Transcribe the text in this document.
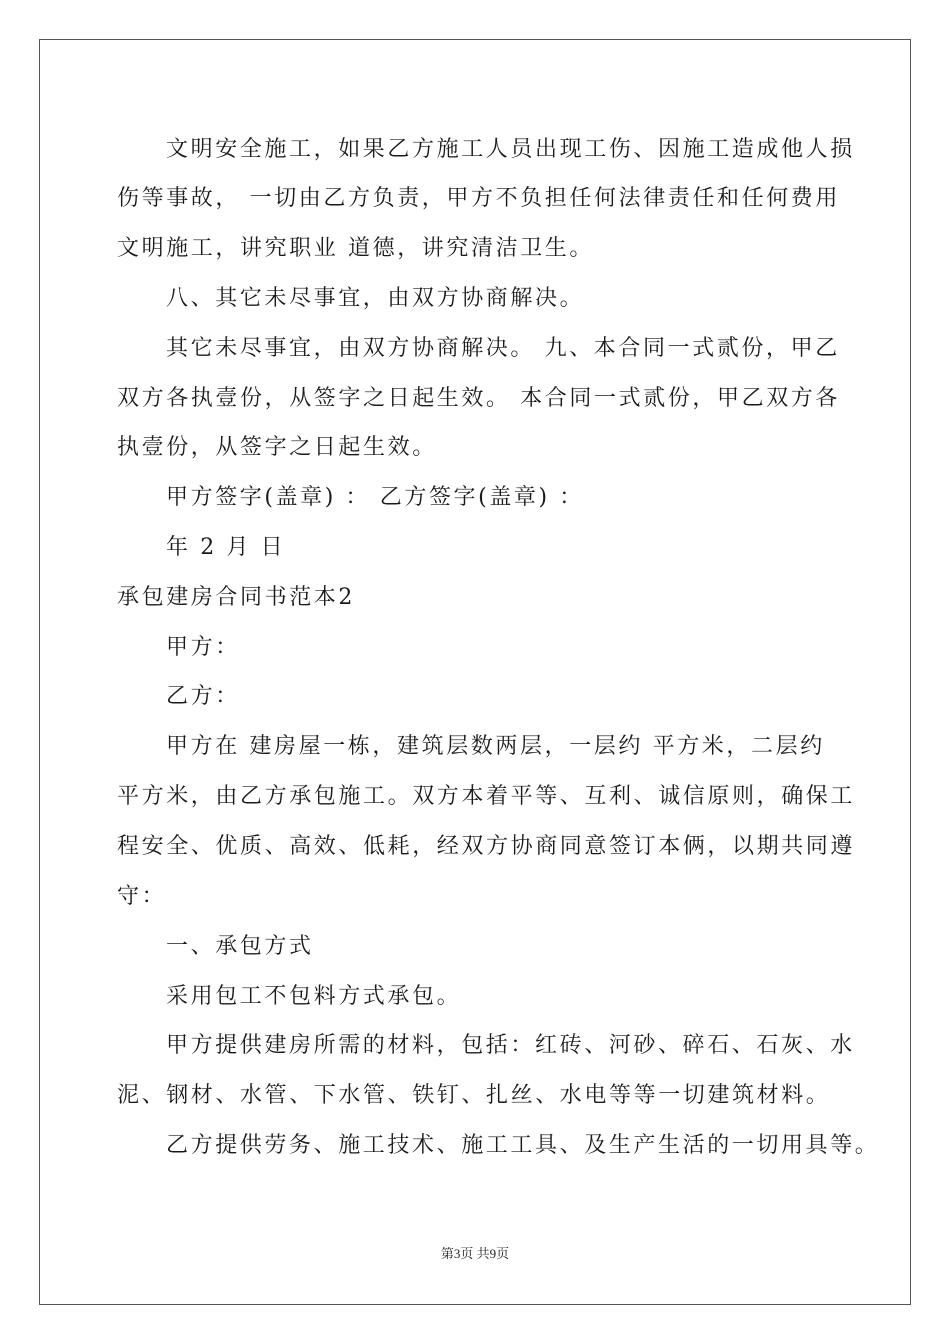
文明安全施工，如果乙方施工人员出现工伤、因施工造成他人损
伤等事故， 一切由乙方负责，甲方不负担任何法律责任和任何费用
文明施工，讲究职业 道德，讲究清洁卫生。
八、其它未尽事宜，由双方协商解决。
其它未尽事宜，由双方协商解决。 九、本合同一式贰份，甲乙
双方各执壹份，从签字之日起生效。 本合同一式贰份，甲乙双方各
执壹份，从签字之日起生效。
甲方签字(盖章) ： 乙方签字(盖章) ：
年 2 月 日
承包建房合同书范本2
甲方：
乙方：
甲方在 建房屋一栋，建筑层数两层，一层约 平方米，二层约
平方米，由乙方承包施工。双方本着平等、互利、诚信原则，确保工
程安全、优质、高效、低耗，经双方协商同意签订本俩，以期共同遵
守：
一、承包方式
采用包工不包料方式承包。
甲方提供建房所需的材料，包括：红砖、河砂、碎石、石灰、水
泥、钢材、水管、下水管、铁钉、扎丝、水电等等一切建筑材料。
乙方提供劳务、施工技术、施工工具、及生产生活的一切用具等。
第3页 共9页
